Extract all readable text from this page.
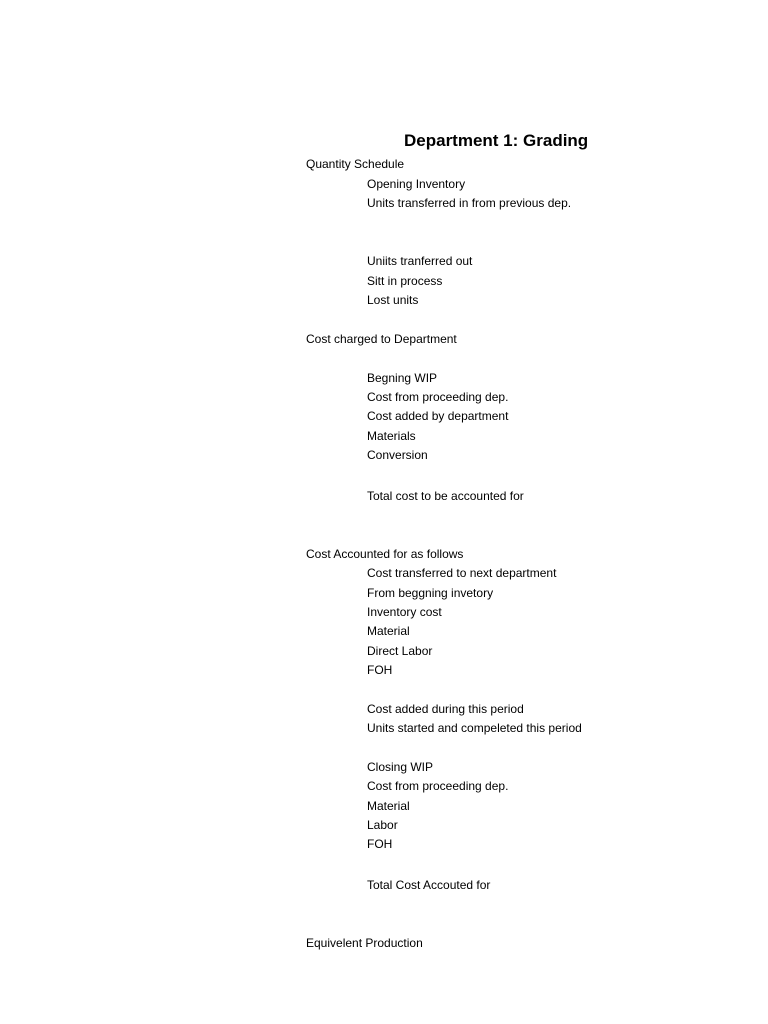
Department 1: Grading
Quantity Schedule
Opening Inventory
Units transferred in from previous dep.
Uniits tranferred out
Sitt in process
Lost units
Cost charged to Department
Begning WIP
Cost from proceeding dep.
Cost added by department
Materials
Conversion
Total cost to be accounted for
Cost Accounted for as follows
Cost transferred to next department
From beggning invetory
Inventory cost
Material
Direct Labor
FOH
Cost added during this period
Units started and compeleted this period
Closing WIP
Cost from proceeding dep.
Material
Labor
FOH
Total Cost Accouted for
Equivelent Production
